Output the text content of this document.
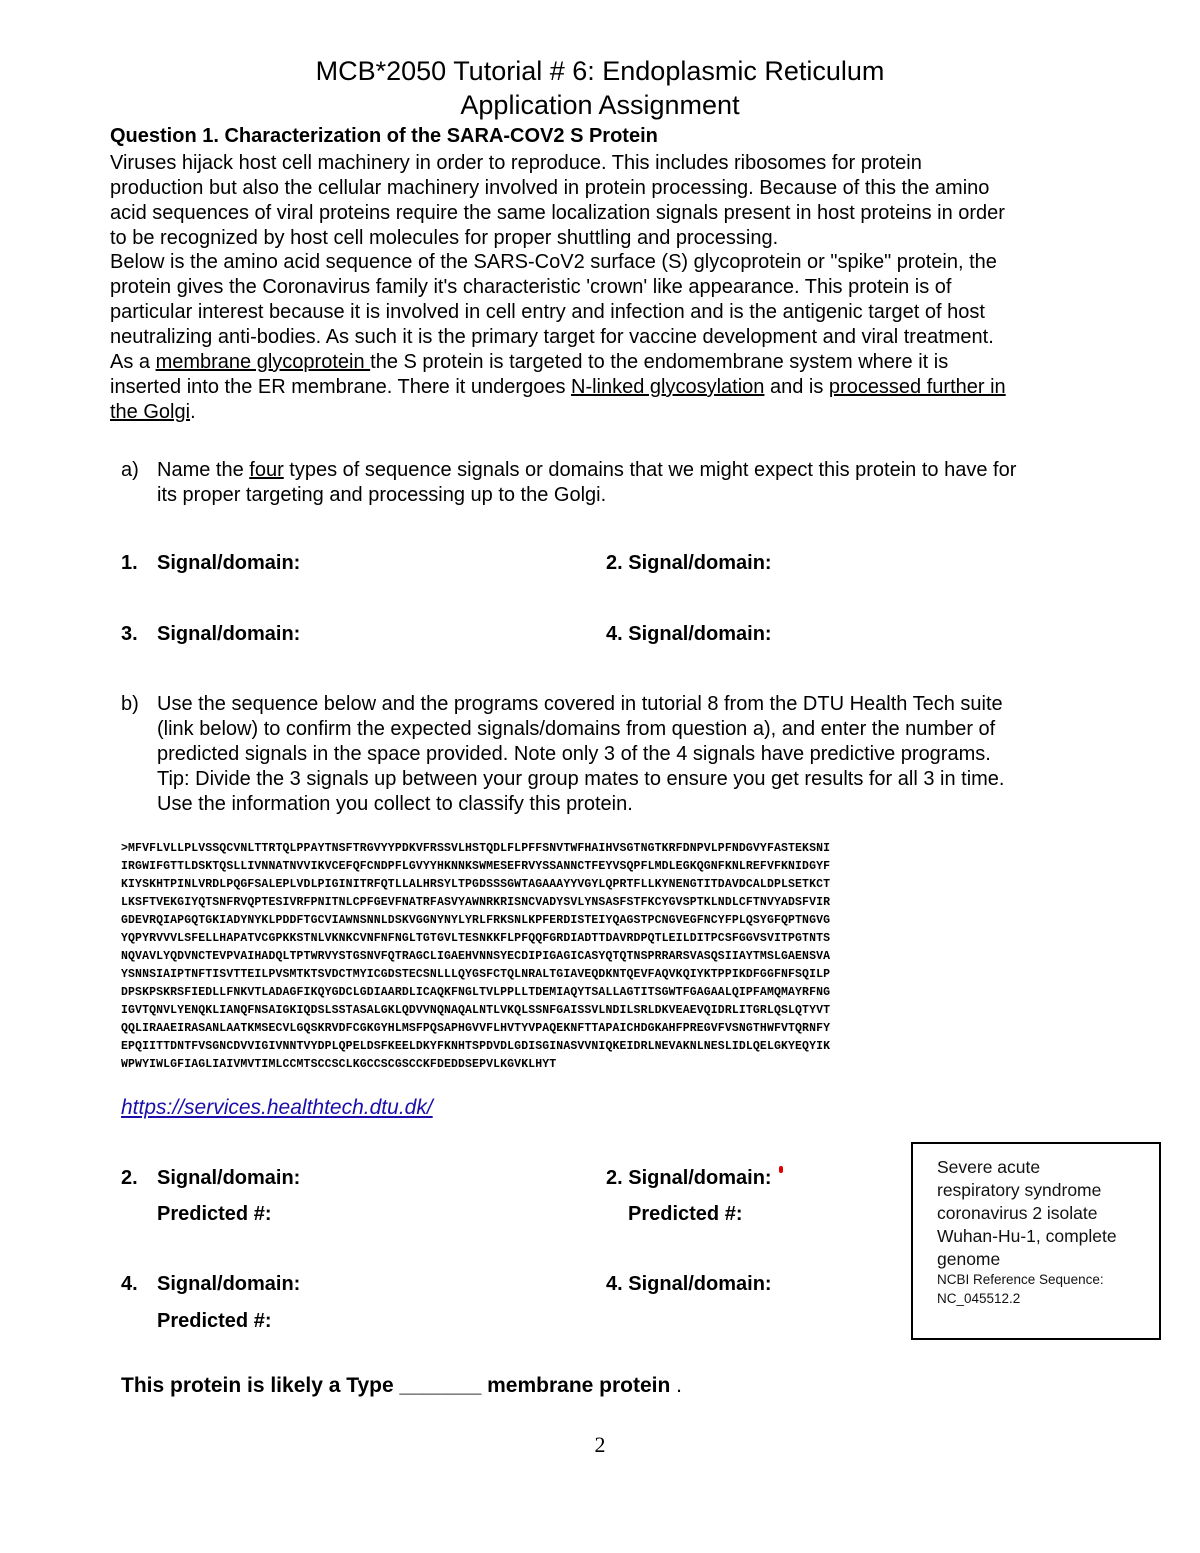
MCB*2050 Tutorial # 6: Endoplasmic Reticulum
Application Assignment
Question 1. Characterization of the SARA-COV2 S Protein
Viruses hijack host cell machinery in order to reproduce. This includes ribosomes for protein
production but also the cellular machinery involved in protein processing. Because of this the amino
acid sequences of viral proteins require the same localization signals present in host proteins in order
to be recognized by host cell molecules for proper shuttling and processing.
Below is the amino acid sequence of the SARS-CoV2 surface (S) glycoprotein or "spike" protein, the
protein gives the Coronavirus family it's characteristic 'crown' like appearance. This protein is of
particular interest because it is involved in cell entry and infection and is the antigenic target of host
neutralizing anti-bodies. As such it is the primary target for vaccine development and viral treatment.
As a membrane glycoprotein the S protein is targeted to the endomembrane system where it is
inserted into the ER membrane. There it undergoes N-linked glycosylation and is processed further in
the Golgi.
a) Name the four types of sequence signals or domains that we might expect this protein to have for
its proper targeting and processing up to the Golgi.
1. Signal/domain:	2. Signal/domain:
3. Signal/domain:	4. Signal/domain:
b) Use the sequence below and the programs covered in tutorial 8 from the DTU Health Tech suite
(link below) to confirm the expected signals/domains from question a), and enter the number of
predicted signals in the space provided. Note only 3 of the 4 signals have predictive programs.
Tip: Divide the 3 signals up between your group mates to ensure you get results for all 3 in time.
Use the information you collect to classify this protein.
>MFVFLVLLPLVSSQCVNLTTRTQLPPAYTNSFTRGVYYPDKVFRSSVLHSTQDLFLPFFSNVTWFHAIHVSGTNGTKRFDNPVLPFNDGVYFASTEKSNI
IRGWIFGTTLDSKTQSLLIVNNATNVVIKVCEFQFCNDPFLGVYYHKNNKSWMESEFRVYSSANNCTFEYVSQPFLMDLEGKQGNFKNLREFVFKNIDGYF
KIYSKHTPINLVRDLPQGFSALEPLVDLPIGINITRFQTLLALHRSYLTPGDSSSGWTAGAAAYYVGYLQPRTFLLKYNENGTITDAVDCALDPLSETKCT
LKSFTVEKGIYQTSNFRVQPTESIVRFPNITNLCPFGEVFNATRFASVYAWNRKRISNCVADYSVLYNSASFSTFKCYGVSPTKLNDLCFTNVYADSFVIR
GDEVRQIAPGQTGKIADYNYKLPDDFTGCVIAWNSNNLDSKVGGNYNYLYRLFRKSNLKPFERDISTEIYQAGSTPCNGVEGFNCYFPLQSYGFQPTNGVG
YQPYRVVVLSFELLHAPATVCGPKKSTNLVKNKCVNFNFNGLTGTGVLTESNKKFLPFQQFGRDIADTTDAVRDPQTLEILDITPCSFGGVSVITPGTNTS
NQVAVLYQDVNCTEVPVAIHADQLTPTWRVYSTGSNVFQTRAGCLIGAEHVNNSYECDIPIGAGICASYQTQTNSPRRARSVASQSIIAYTMSLGAENSVA
YSNNSIAIPTNFTISVTTEILPVSMTKTSVDCTMYICGDSTECSNLLLQYGSFCTQLNRALTGIAVEQDKNTQEVFAQVKQIYKTPPIKDFGGFNFSQILP
DPSKPSKRSFIEDLLFNKVTLADAGFIKQYGDCLGDIAARDLICAQKFNGLTVLPPLLTDEMIAQYTSALLAGTITSGWTFGAGAALQIPFAMQMAYRFNG
IGVTQNVLYENQKLIANQFNSAIGKIQDSLSSTASALGKLQDVVNQNAQALNTLVKQLSSNFGAISSVLNDILSRLDKVEAEVQIDRLITGRLQSLQTYVT
QQLIRAAEIRASANLAATKMSECVLGQSKRVDFCGKGYHLMSFPQSAPHGVVFLHVTYVPAQEKNFTTAPAICHDGKAHFPREGVFVSNGTHWFVTQRNFY
EPQIITTDNTFVSGNCDVVIGIVNNTVYDPLQPELDSFKEELDKYFKNHTSPDVDLGDISGINASVVNIQKEIDRLNEVAKNLNESLIDLQELGKYEQYIK
WPWYIWLGFIAGLIAIVMVTIMLCCMTSCCSCLKGCCSCGSCCKFDEDDSEPVLKGVKLHYT
https://services.healthtech.dtu.dk/
2. Signal/domain:
Predicted #:
2. Signal/domain:
Predicted #:
4. Signal/domain:
Predicted #:
4. Signal/domain:
Severe acute
respiratory syndrome
coronavirus 2 isolate
Wuhan-Hu-1, complete
genome
NCBI Reference Sequence:
NC_045512.2
This protein is likely a Type _______ membrane protein .
2
